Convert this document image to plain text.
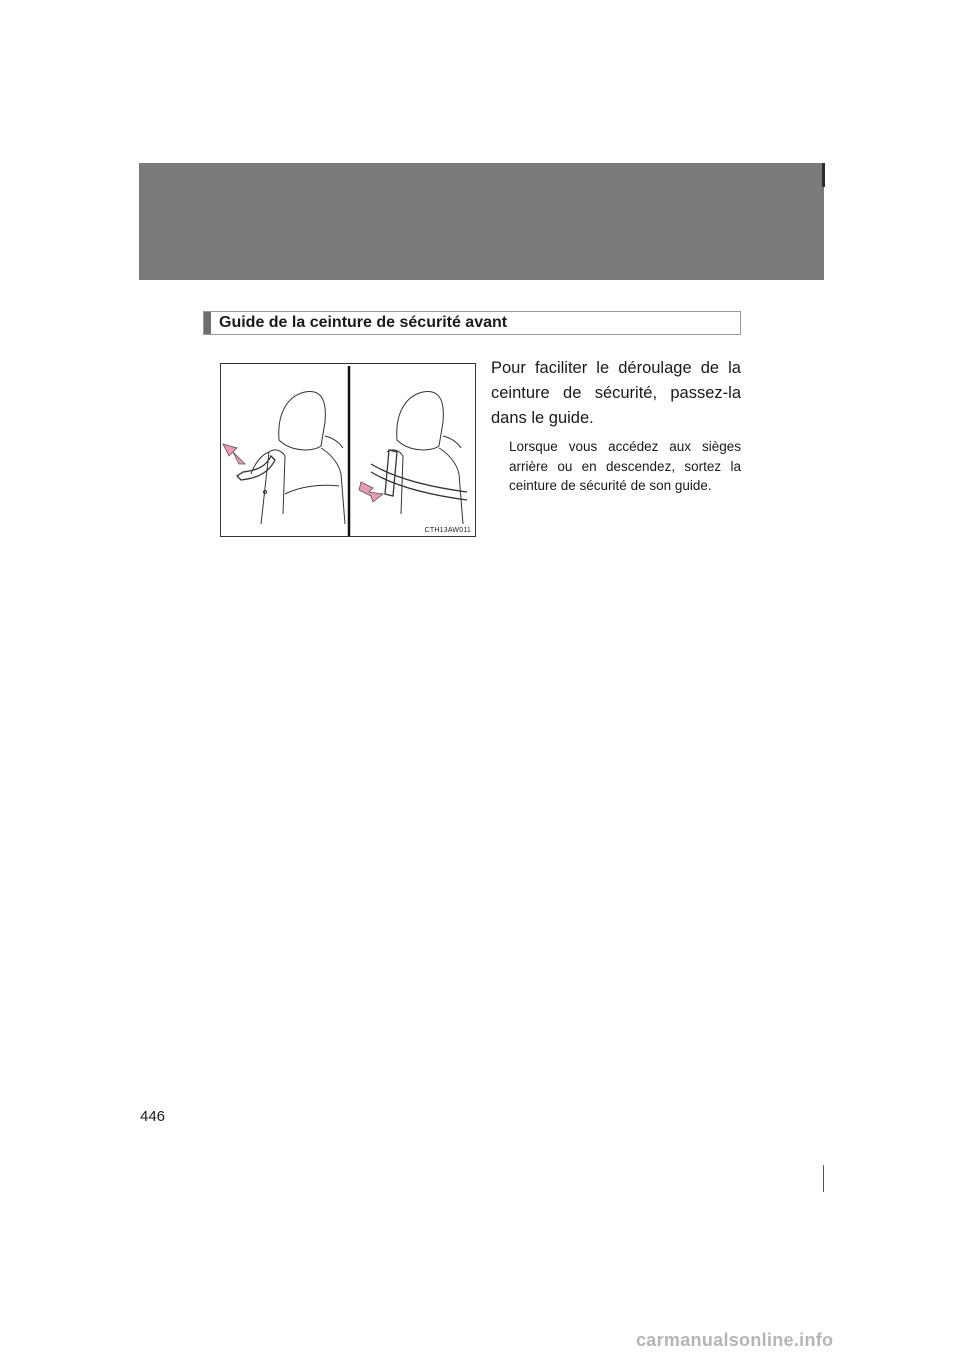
Guide de la ceinture de sécurité avant
CTH13AW011
Pour faciliter le déroulage de la ceinture de sécurité, passez-la dans le guide.
Lorsque vous accédez aux sièges arrière ou en descendez, sortez la ceinture de sécurité de son guide.
446
carmanualsonline.info
